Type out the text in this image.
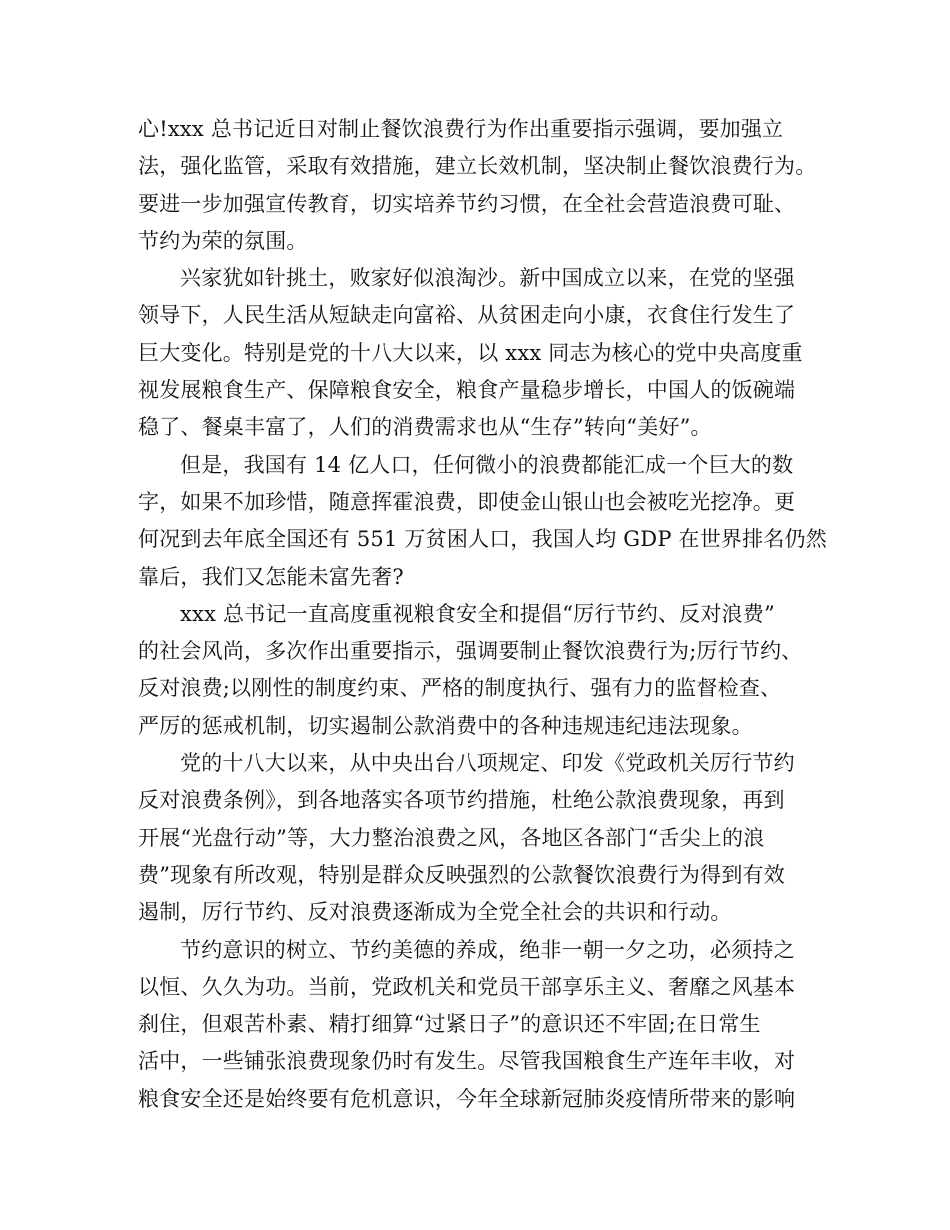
心!xxx 总书记近日对制止餐饮浪费行为作出重要指示强调，要加强立
法，强化监管，采取有效措施，建立长效机制，坚决制止餐饮浪费行为。
要进一步加强宣传教育，切实培养节约习惯，在全社会营造浪费可耻、
节约为荣的氛围。
兴家犹如针挑土，败家好似浪淘沙。新中国成立以来，在党的坚强
领导下，人民生活从短缺走向富裕、从贫困走向小康，衣食住行发生了
巨大变化。特别是党的十八大以来，以 xxx 同志为核心的党中央高度重
视发展粮食生产、保障粮食安全，粮食产量稳步增长，中国人的饭碗端
稳了、餐桌丰富了，人们的消费需求也从“生存”转向“美好”。
但是，我国有 14 亿人口，任何微小的浪费都能汇成一个巨大的数
字，如果不加珍惜，随意挥霍浪费，即使金山银山也会被吃光挖净。更
何况到去年底全国还有 551 万贫困人口，我国人均 GDP 在世界排名仍然
靠后，我们又怎能未富先奢?
xxx 总书记一直高度重视粮食安全和提倡“厉行节约、反对浪费”
的社会风尚，多次作出重要指示，强调要制止餐饮浪费行为;厉行节约、
反对浪费;以刚性的制度约束、严格的制度执行、强有力的监督检查、
严厉的惩戒机制，切实遏制公款消费中的各种违规违纪违法现象。
党的十八大以来，从中央出台八项规定、印发《党政机关厉行节约
反对浪费条例》，到各地落实各项节约措施，杜绝公款浪费现象，再到
开展“光盘行动”等，大力整治浪费之风，各地区各部门“舌尖上的浪
费”现象有所改观，特别是群众反映强烈的公款餐饮浪费行为得到有效
遏制，厉行节约、反对浪费逐渐成为全党全社会的共识和行动。
节约意识的树立、节约美德的养成，绝非一朝一夕之功，必须持之
以恒、久久为功。当前，党政机关和党员干部享乐主义、奢靡之风基本
刹住，但艰苦朴素、精打细算“过紧日子”的意识还不牢固;在日常生
活中，一些铺张浪费现象仍时有发生。尽管我国粮食生产连年丰收，对
粮食安全还是始终要有危机意识，今年全球新冠肺炎疫情所带来的影响
